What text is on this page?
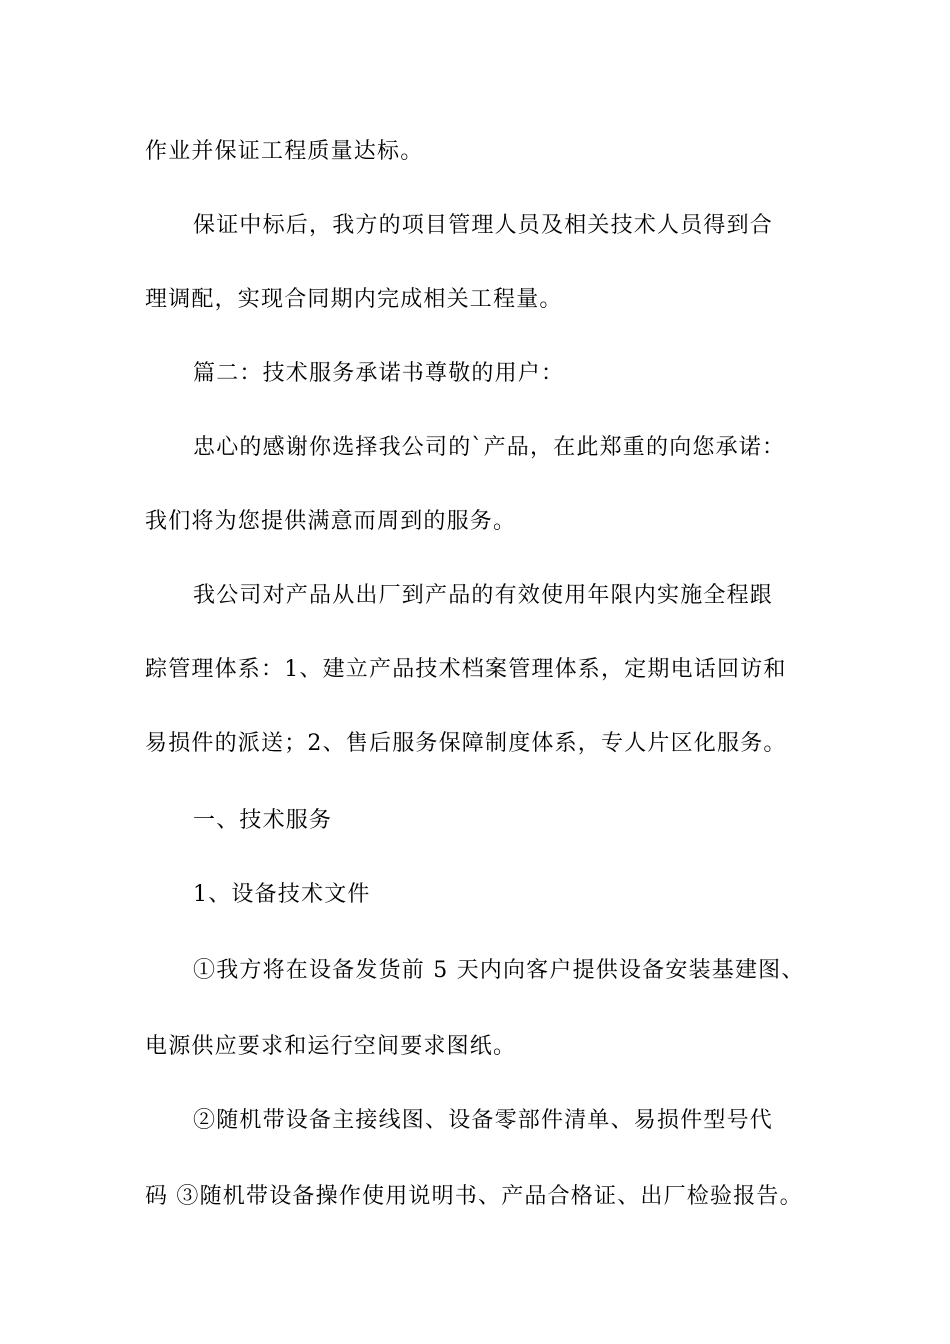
作业并保证工程质量达标。
保证中标后，我方的项目管理人员及相关技术人员得到合
理调配，实现合同期内完成相关工程量。
篇二：技术服务承诺书尊敬的用户：
忠心的感谢你选择我公司的`产品，在此郑重的向您承诺：
我们将为您提供满意而周到的服务。
我公司对产品从出厂到产品的有效使用年限内实施全程跟
踪管理体系：1、建立产品技术档案管理体系，定期电话回访和
易损件的派送；2、售后服务保障制度体系，专人片区化服务。
一、技术服务
1、设备技术文件
①我方将在设备发货前 5 天内向客户提供设备安装基建图、
电源供应要求和运行空间要求图纸。
②随机带设备主接线图、设备零部件清单、易损件型号代
码 ③随机带设备操作使用说明书、产品合格证、出厂检验报告。
